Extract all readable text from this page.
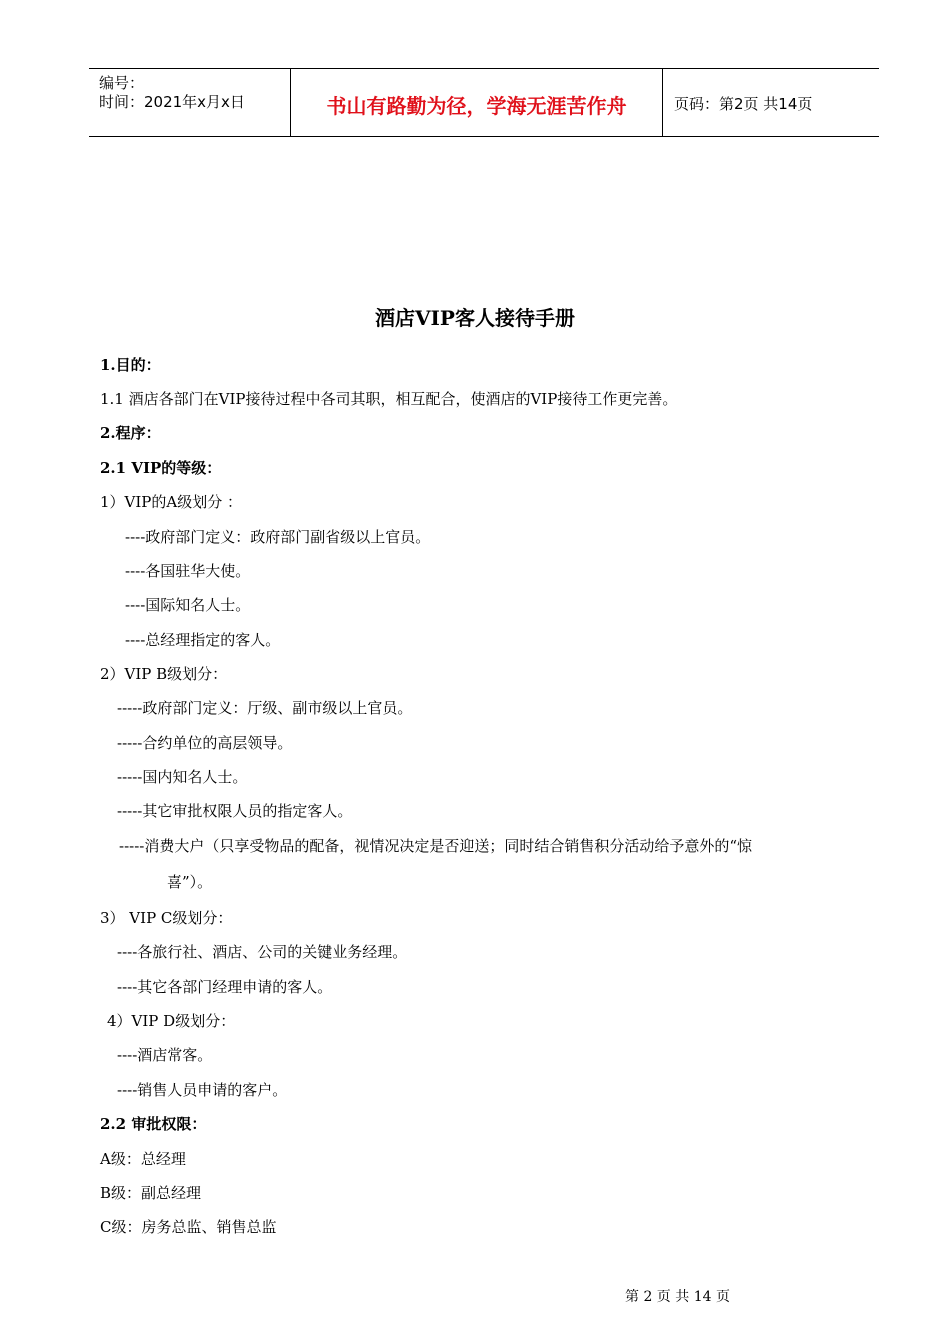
编号：
时间：2021年x月x日	书山有路勤为径，学海无涯苦作舟	页码：第2页 共14页
酒店VIP客人接待手册
1.目的：
1.1 酒店各部门在VIP接待过程中各司其职，相互配合，使酒店的VIP接待工作更完善。
2.程序：
2.1 VIP的等级：
1）VIP的A级划分 ：
----政府部门定义：政府部门副省级以上官员。
----各国驻华大使。
----国际知名人士。
----总经理指定的客人。
2）VIP B级划分：
-----政府部门定义：厅级、副市级以上官员。
-----合约单位的高层领导。
-----国内知名人士。
-----其它审批权限人员的指定客人。
-----消费大户（只享受物品的配备，视情况决定是否迎送；同时结合销售积分活动给予意外的“惊
喜”）。
3） VIP C级划分：
----各旅行社、酒店、公司的关键业务经理。
----其它各部门经理申请的客人。
4）VIP D级划分：
----酒店常客。
----销售人员申请的客户。
2.2 审批权限：
A级：总经理
B级：副总经理
C级：房务总监、销售总监
第 2 页 共 14 页
